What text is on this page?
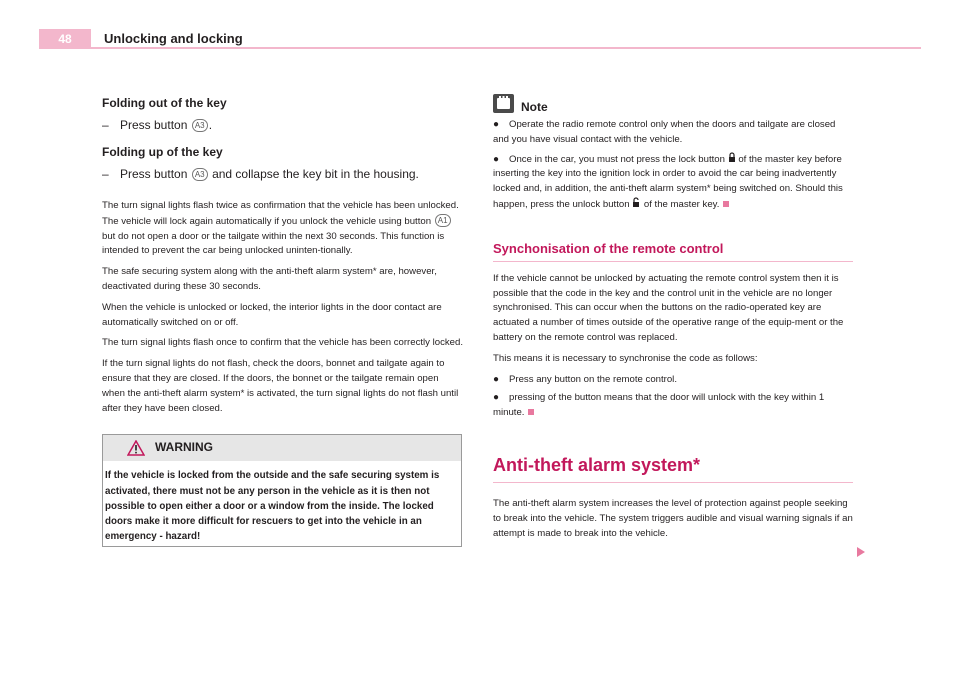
48	Unlocking and locking

Folding out of the key

– Press button A3 .

Folding up of the key

– Press button A3 and collapse the key bit in the housing.

The turn signal lights flash twice as confirmation that the vehicle has been unlocked. The vehicle will lock again automatically if you unlock the vehicle using button A1 but do not open a door or the tailgate within the next 30 seconds. This function is intended to prevent the car being unlocked uninten-tionally.

The safe securing system along with the anti-theft alarm system* are, however, deactivated during these 30 seconds.

When the vehicle is unlocked or locked, the interior lights in the door contact are automatically switched on or off.

The turn signal lights flash once to confirm that the vehicle has been correctly locked.

If the turn signal lights do not flash, check the doors, bonnet and tailgate again to ensure that they are closed. If the doors, the bonnet or the tailgate remain open when the anti-theft alarm system* is activated, the turn signal lights do not flash until after they have been closed.

WARNING
If the vehicle is locked from the outside and the safe securing system is activated, there must not be any person in the vehicle as it is then not possible to open either a door or a window from the inside. The locked doors make it more difficult for rescuers to get into the vehicle in an emergency - hazard!
Note

● Operate the radio remote control only when the doors and tailgate are closed and you have visual contact with the vehicle.

● Once in the car, you must not press the lock button of the master key before inserting the key into the ignition lock in order to avoid the car being inadvertently locked and, in addition, the anti-theft alarm system* being switched on. Should this happen, press the unlock button of the master key.

Synchonisation of the remote control

If the vehicle cannot be unlocked by actuating the remote control system then it is possible that the code in the key and the control unit in the vehicle are no longer synchronised. This can occur when the buttons on the radio-operated key are actuated a number of times outside of the operative range of the equip-ment or the battery on the remote control was replaced.

This means it is necessary to synchronise the code as follows:

● Press any button on the remote control.

● pressing of the button means that the door will unlock with the key within 1 minute.

Anti-theft alarm system*

The anti-theft alarm system increases the level of protection against people seeking to break into the vehicle. The system triggers audible and visual warning signals if an attempt is made to break into the vehicle.
